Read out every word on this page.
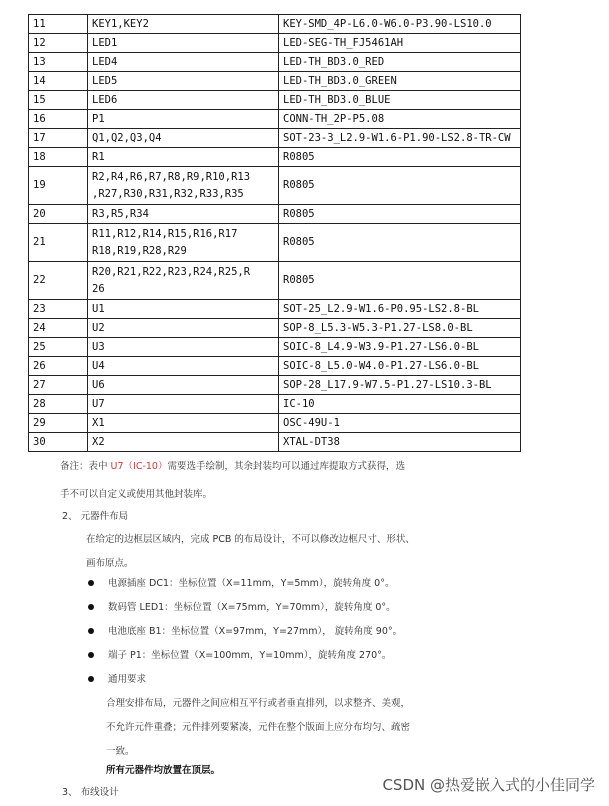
11	KEY1,KEY2	KEY-SMD_4P-L6.0-W6.0-P3.90-LS10.0
12	LED1	LED-SEG-TH_FJ5461AH
13	LED4	LED-TH_BD3.0_RED
14	LED5	LED-TH_BD3.0_GREEN
15	LED6	LED-TH_BD3.0_BLUE
16	P1	CONN-TH_2P-P5.08
17	Q1,Q2,Q3,Q4	SOT-23-3_L2.9-W1.6-P1.90-LS2.8-TR-CW
18	R1	R0805
19	R2,R4,R6,R7,R8,R9,R10,R13
,R27,R30,R31,R32,R33,R35	R0805
20	R3,R5,R34	R0805
21	R11,R12,R14,R15,R16,R17
R18,R19,R28,R29	R0805
22	R20,R21,R22,R23,R24,R25,R
26	R0805
23	U1	SOT-25_L2.9-W1.6-P0.95-LS2.8-BL
24	U2	SOP-8_L5.3-W5.3-P1.27-LS8.0-BL
25	U3	SOIC-8_L4.9-W3.9-P1.27-LS6.0-BL
26	U4	SOIC-8_L5.0-W4.0-P1.27-LS6.0-BL
27	U6	SOP-28_L17.9-W7.5-P1.27-LS10.3-BL
28	U7	IC-10
29	X1	OSC-49U-1
30	X2	XTAL-DT38
备注：表中 U7（IC-10）需要选手绘制，其余封装均可以通过库提取方式获得，选
手不可以自定义或使用其他封装库。
2、 元器件布局
在给定的边框层区域内，完成 PCB 的布局设计，不可以修改边框尺寸、形状、
画布原点。
电源插座 DC1：坐标位置（X=11mm，Y=5mm），旋转角度 0°。
数码管 LED1：坐标位置（X=75mm，Y=70mm），旋转角度 0°。
电池底座 B1：坐标位置（X=97mm，Y=27mm）， 旋转角度 90°。
端子 P1：坐标位置（X=100mm，Y=10mm），旋转角度 270°。
通用要求
合理安排布局，元器件之间应相互平行或者垂直排列，以求整齐、美观，
不允许元件重叠；元件排列要紧凑，元件在整个版面上应分布均匀、疏密
一致。
所有元器件均放置在顶层。
3、 布线设计	CSDN @热爱嵌入式的小佳同学
